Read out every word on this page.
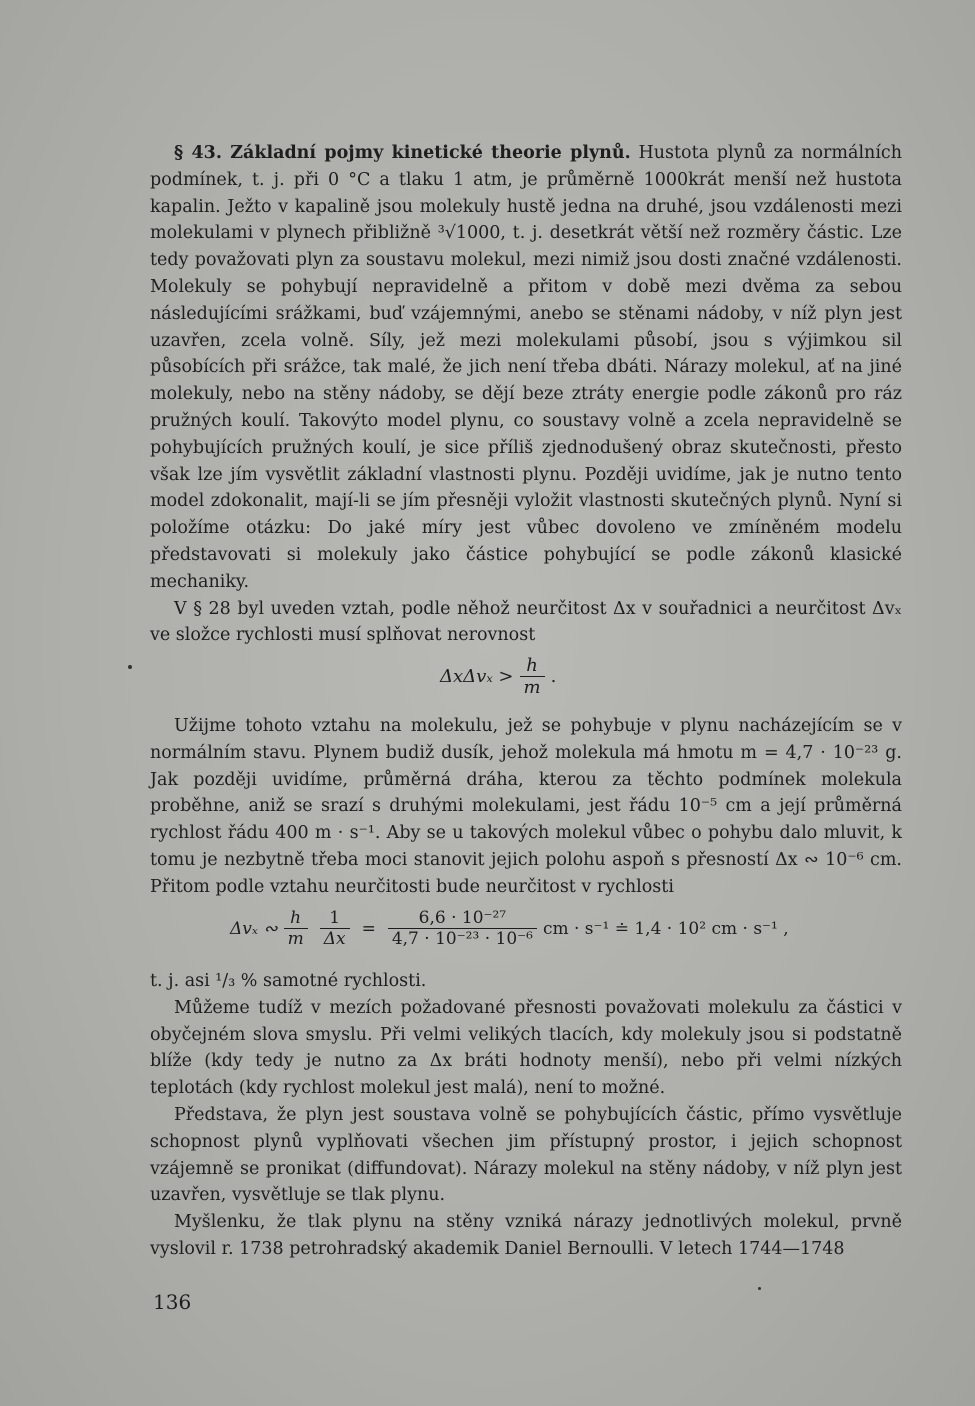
§ 43. Základní pojmy kinetické theorie plynů. Hustota plynů za normálních podmínek, t. j. při 0 °C a tlaku 1 atm, je průměrně 1000krát menší než hustota kapalin. Ježto v kapalině jsou molekuly hustě jedna na druhé, jsou vzdálenosti mezi molekulami v plynech přibližně ³√1000, t. j. desetkrát větší než rozměry částic. Lze tedy považovati plyn za soustavu molekul, mezi nimiž jsou dosti značné vzdálenosti. Molekuly se pohybují nepravidelně a přitom v době mezi dvěma za sebou následujícími srážkami, buď vzájemnými, anebo se stěnami nádoby, v níž plyn jest uzavřen, zcela volně. Síly, jež mezi molekulami působí, jsou s výjimkou sil působících při srážce, tak malé, že jich není třeba dbáti. Nárazy molekul, ať na jiné molekuly, nebo na stěny nádoby, se dějí beze ztráty energie podle zákonů pro ráz pružných koulí. Takovýto model plynu, co soustavy volně a zcela nepravidelně se pohybujících pružných koulí, je sice příliš zjednodušený obraz skutečnosti, přesto však lze jím vysvětlit základní vlastnosti plynu. Později uvidíme, jak je nutno tento model zdokonalit, mají-li se jím přesněji vyložit vlastnosti skutečných plynů. Nyní si položíme otázku: Do jaké míry jest vůbec dovoleno ve zmíněném modelu představovati si molekuly jako částice pohybující se podle zákonů klasické mechaniky.

V § 28 byl uveden vztah, podle něhož neurčitost Δx v souřadnici a neurčitost Δvₓ ve složce rychlosti musí splňovat nerovnost

$\Delta x\Delta v_x > \frac{h}{m}$ .

Užijme tohoto vztahu na molekulu, jež se pohybuje v plynu nacházejícím se v normálním stavu. Plynem budiž dusík, jehož molekula má hmotu m = 4,7 · 10⁻²³ g. Jak později uvidíme, průměrná dráha, kterou za těchto podmínek molekula proběhne, aniž se srazí s druhými molekulami, jest řádu 10⁻⁵ cm a její průměrná rychlost řádu 400 m · s⁻¹. Aby se u takových molekul vůbec o pohybu dalo mluvit, k tomu je nezbytně třeba moci stanovit jejich polohu aspoň s přesností Δx ∾ 10⁻⁶ cm. Přitom podle vztahu neurčitosti bude neurčitost v rychlosti

Δvₓ ∾ $\frac{h}{m} \frac{1}{\Delta x} = \frac{\text{6,6 · 10⁻²⁷}}{\text{4,7 · 10⁻²³ · 10⁻⁶}}$ cm · s⁻¹ ≐ 1,4 · 10² cm · s⁻¹ ,

t. j. asi ¹/₃ % samotné rychlosti.

Můžeme tudíž v mezích požadované přesnosti považovati molekulu za částici v obyčejném slova smyslu. Při velmi velikých tlacích, kdy molekuly jsou si podstatně blíže (kdy tedy je nutno za Δx bráti hodnoty menší), nebo při velmi nízkých teplotách (kdy rychlost molekul jest malá), není to možné.

Představa, že plyn jest soustava volně se pohybujících částic, přímo vysvětluje schopnost plynů vyplňovati všechen jim přístupný prostor, i jejich schopnost vzájemně se pronikat (diffundovat). Nárazy molekul na stěny nádoby, v níž plyn jest uzavřen, vysvětluje se tlak plynu.

Myšlenku, že tlak plynu na stěny vzniká nárazy jednotlivých molekul, prvně vyslovil r. 1738 petrohradský akademik Daniel Bernoulli. V letech 1744—1748

136
